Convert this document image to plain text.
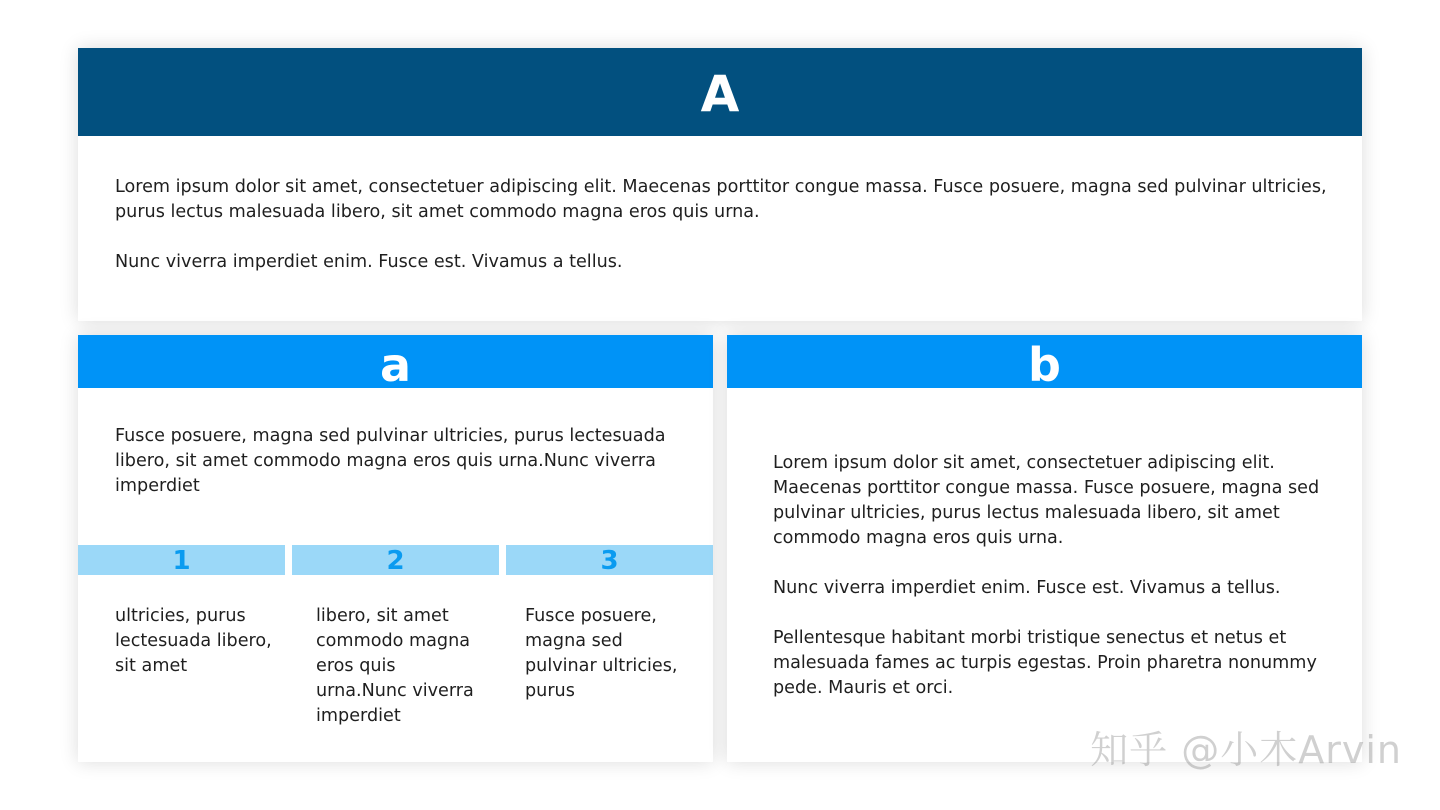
A

Lorem ipsum dolor sit amet, consectetuer adipiscing elit. Maecenas porttitor congue massa. Fusce posuere, magna sed pulvinar ultricies, purus lectus malesuada libero, sit amet commodo magna eros quis urna.

Nunc viverra imperdiet enim. Fusce est. Vivamus a tellus.

a

Fusce posuere, magna sed pulvinar ultricies, purus lectesuada libero, sit amet commodo magna eros quis urna.Nunc viverra imperdiet

1	2	3
ultricies, purus lectesuada libero, sit amet
libero, sit amet commodo magna eros quis urna.Nunc viverra imperdiet
Fusce posuere, magna sed pulvinar ultricies, purus
b

Lorem ipsum dolor sit amet, consectetuer adipiscing elit. Maecenas porttitor congue massa. Fusce posuere, magna sed pulvinar ultricies, purus lectus malesuada libero, sit amet commodo magna eros quis urna.

Nunc viverra imperdiet enim. Fusce est. Vivamus a tellus.

Pellentesque habitant morbi tristique senectus et netus et malesuada fames ac turpis egestas. Proin pharetra nonummy pede. Mauris et orci.

知乎 @小木Arvin
